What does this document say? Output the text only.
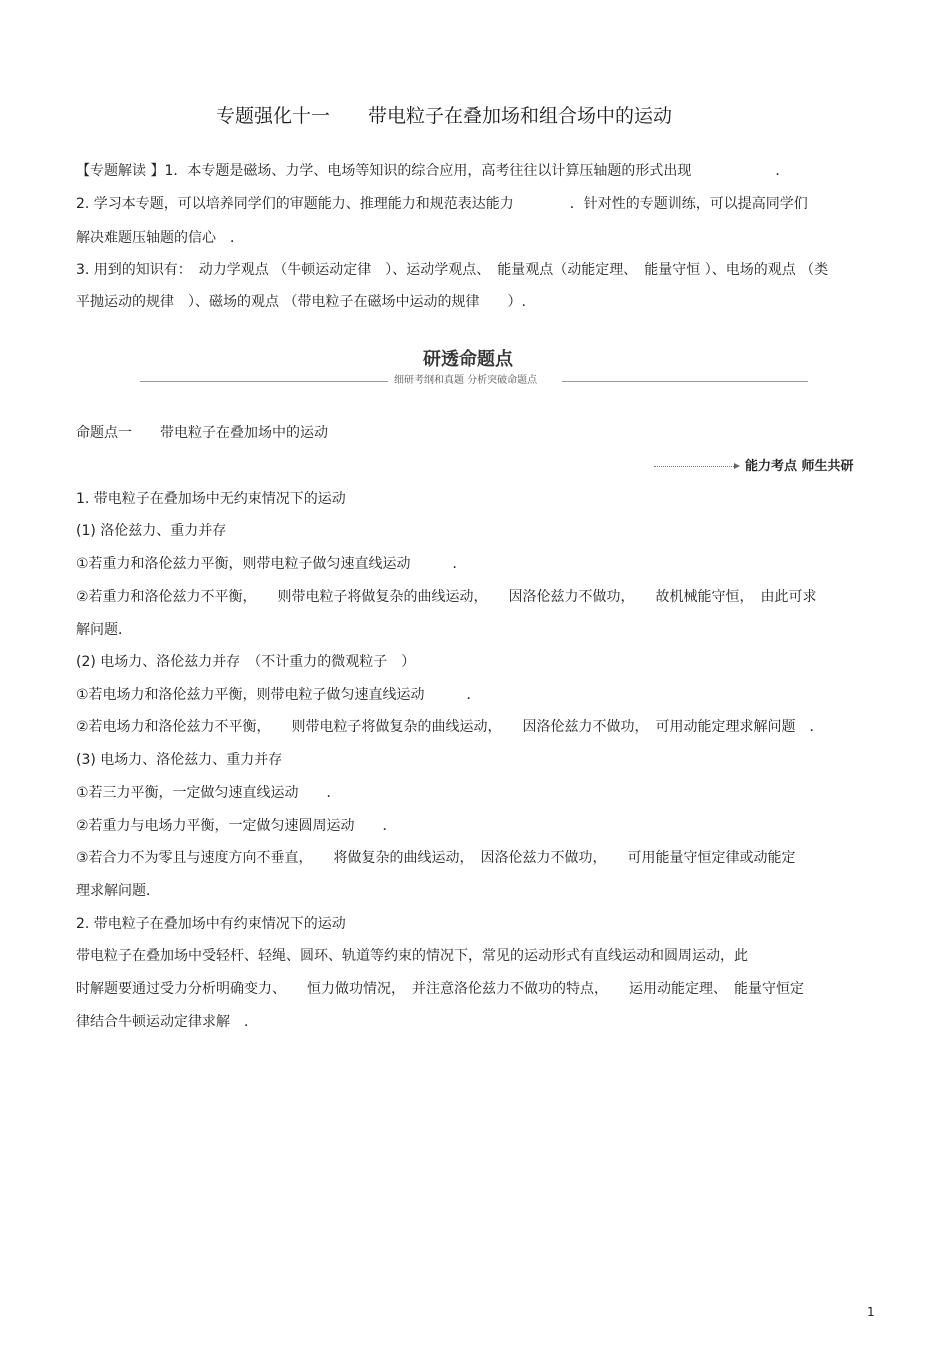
专题强化十一　　带电粒子在叠加场和组合场中的运动
【专题解读 】1．本专题是磁场、力学、电场等知识的综合应用，高考往往以计算压轴题的形式出现　　　　　　．
2. 学习本专题，可以培养同学们的审题能力、推理能力和规范表达能力　　　　．针对性的专题训练，可以提高同学们
解决难题压轴题的信心　．
3. 用到的知识有：　动力学观点 （牛顿运动定律　）、运动学观点、　能量观点（动能定理、　能量守恒 ）、电场的观点 （类
平抛运动的规律　）、磁场的观点 （带电粒子在磁场中运动的规律　　）.
研透命题点
细研考纲和真题 分析突破命题点
命题点一　　带电粒子在叠加场中的运动
能力考点 师生共研
1. 带电粒子在叠加场中无约束情况下的运动
(1) 洛伦兹力、重力并存
①若重力和洛伦兹力平衡，则带电粒子做匀速直线运动　　　．
②若重力和洛伦兹力不平衡，　　则带电粒子将做复杂的曲线运动，　　因洛伦兹力不做功，　　故机械能守恒，　由此可求
解问题．
(2) 电场力、洛伦兹力并存　（不计重力的微观粒子　）
①若电场力和洛伦兹力平衡，则带电粒子做匀速直线运动　　　．
②若电场力和洛伦兹力不平衡，　　则带电粒子将做复杂的曲线运动，　　因洛伦兹力不做功，　可用动能定理求解问题　．
(3) 电场力、洛伦兹力、重力并存
①若三力平衡，一定做匀速直线运动　　．
②若重力与电场力平衡，一定做匀速圆周运动　　．
③若合力不为零且与速度方向不垂直，　　将做复杂的曲线运动，　因洛伦兹力不做功，　　可用能量守恒定律或动能定
理求解问题．
2. 带电粒子在叠加场中有约束情况下的运动
带电粒子在叠加场中受轻杆、轻绳、圆环、轨道等约束的情况下，常见的运动形式有直线运动和圆周运动，此
时解题要通过受力分析明确变力、　　恒力做功情况，　并注意洛伦兹力不做功的特点，　　运用动能定理、　能量守恒定
律结合牛顿运动定律求解　．
1
